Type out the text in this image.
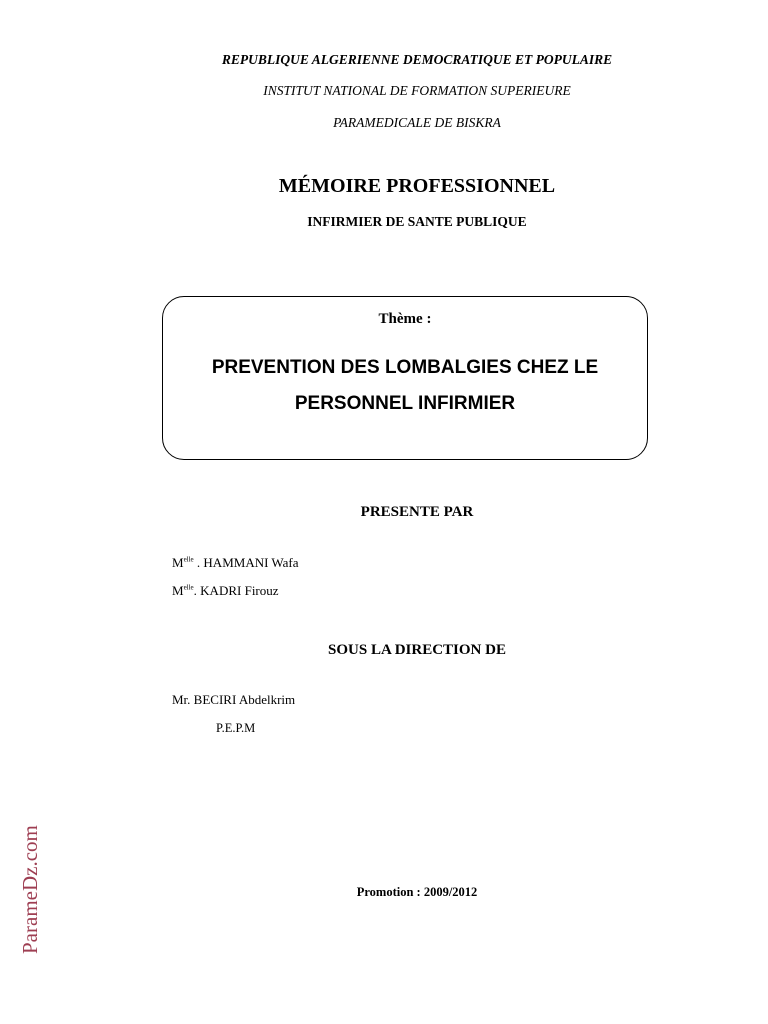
REPUBLIQUE ALGERIENNE DEMOCRATIQUE ET POPULAIRE
INSTITUT NATIONAL DE FORMATION SUPERIEURE
PARAMEDICALE DE BISKRA
MÉMOIRE PROFESSIONNEL
INFIRMIER DE SANTE PUBLIQUE
Thème :
PREVENTION DES LOMBALGIES CHEZ LE
PERSONNEL INFIRMIER
PRESENTE PAR
$M^{elle}$ . HAMMANI Wafa
$M^{elle}$. KADRI Firouz
SOUS LA DIRECTION DE
Mr. BECIRI Abdelkrim
P.E.P.M
Promotion : 2009/2012
ParameDz.com
